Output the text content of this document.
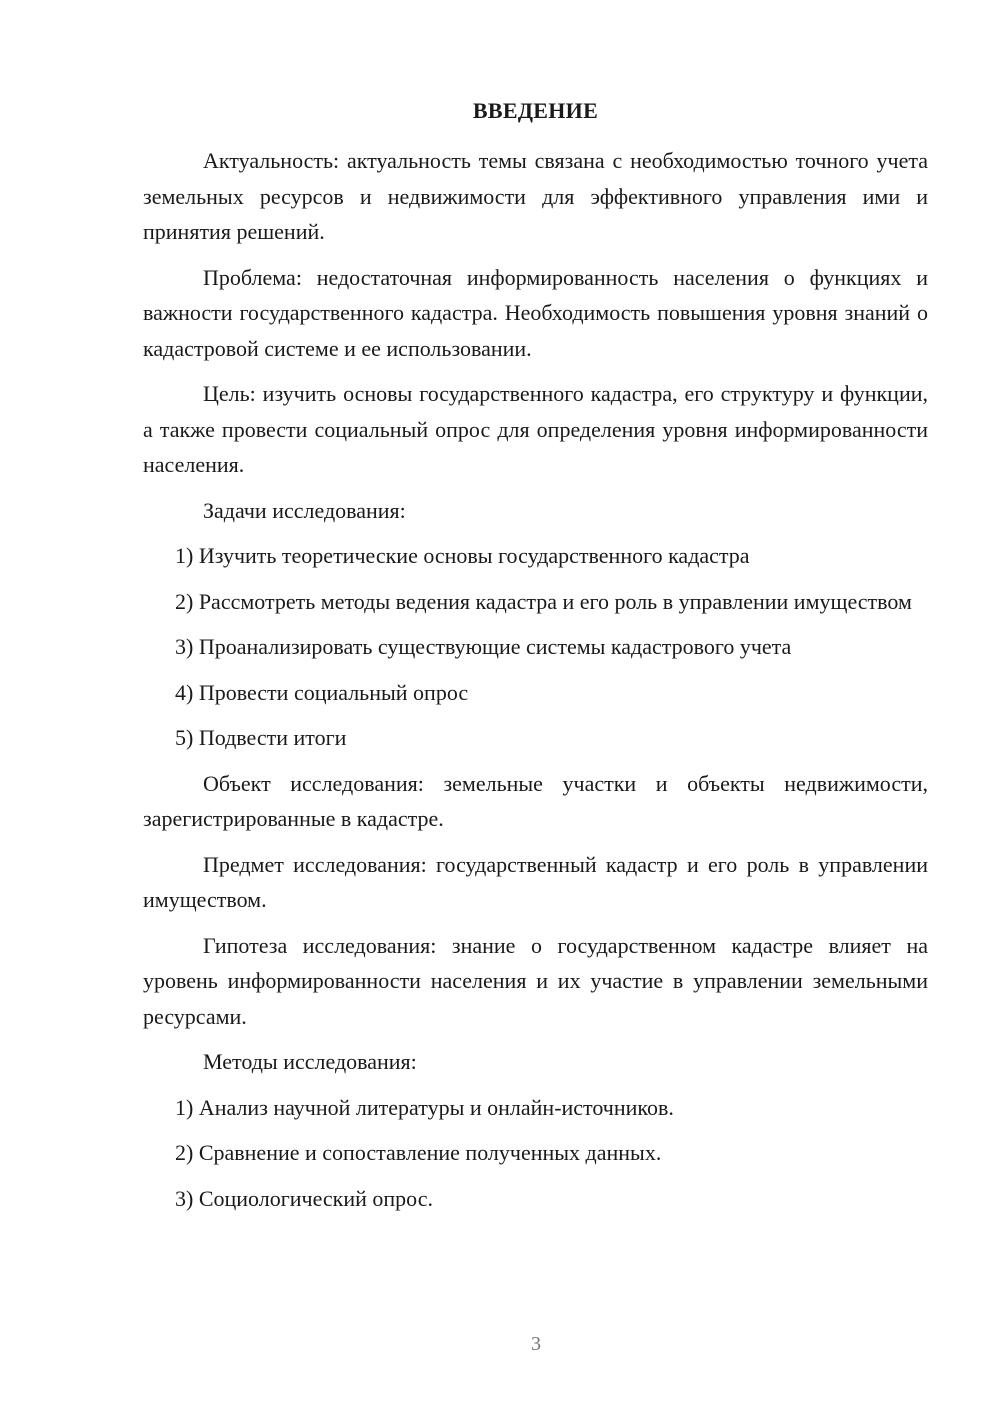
ВВЕДЕНИЕ

Актуальность: актуальность темы связана с необходимостью точного учета земельных ресурсов и недвижимости для эффективного управления ими и принятия решений.

Проблема: недостаточная информированность населения о функциях и важности государственного кадастра. Необходимость повышения уровня знаний о кадастровой системе и ее использовании.

Цель: изучить основы государственного кадастра, его структуру и функции, а также провести социальный опрос для определения уровня информированности населения.

Задачи исследования:

1) Изучить теоретические основы государственного кадастра

2) Рассмотреть методы ведения кадастра и его роль в управлении имуществом

3) Проанализировать существующие системы кадастрового учета

4) Провести социальный опрос

5) Подвести итоги

Объект исследования: земельные участки и объекты недвижимости, зарегистрированные в кадастре.

Предмет исследования: государственный кадастр и его роль в управлении имуществом.

Гипотеза исследования: знание о государственном кадастре влияет на уровень информированности населения и их участие в управлении земельными ресурсами.

Методы исследования:

1) Анализ научной литературы и онлайн-источников.

2) Сравнение и сопоставление полученных данных.

3) Социологический опрос.

3
